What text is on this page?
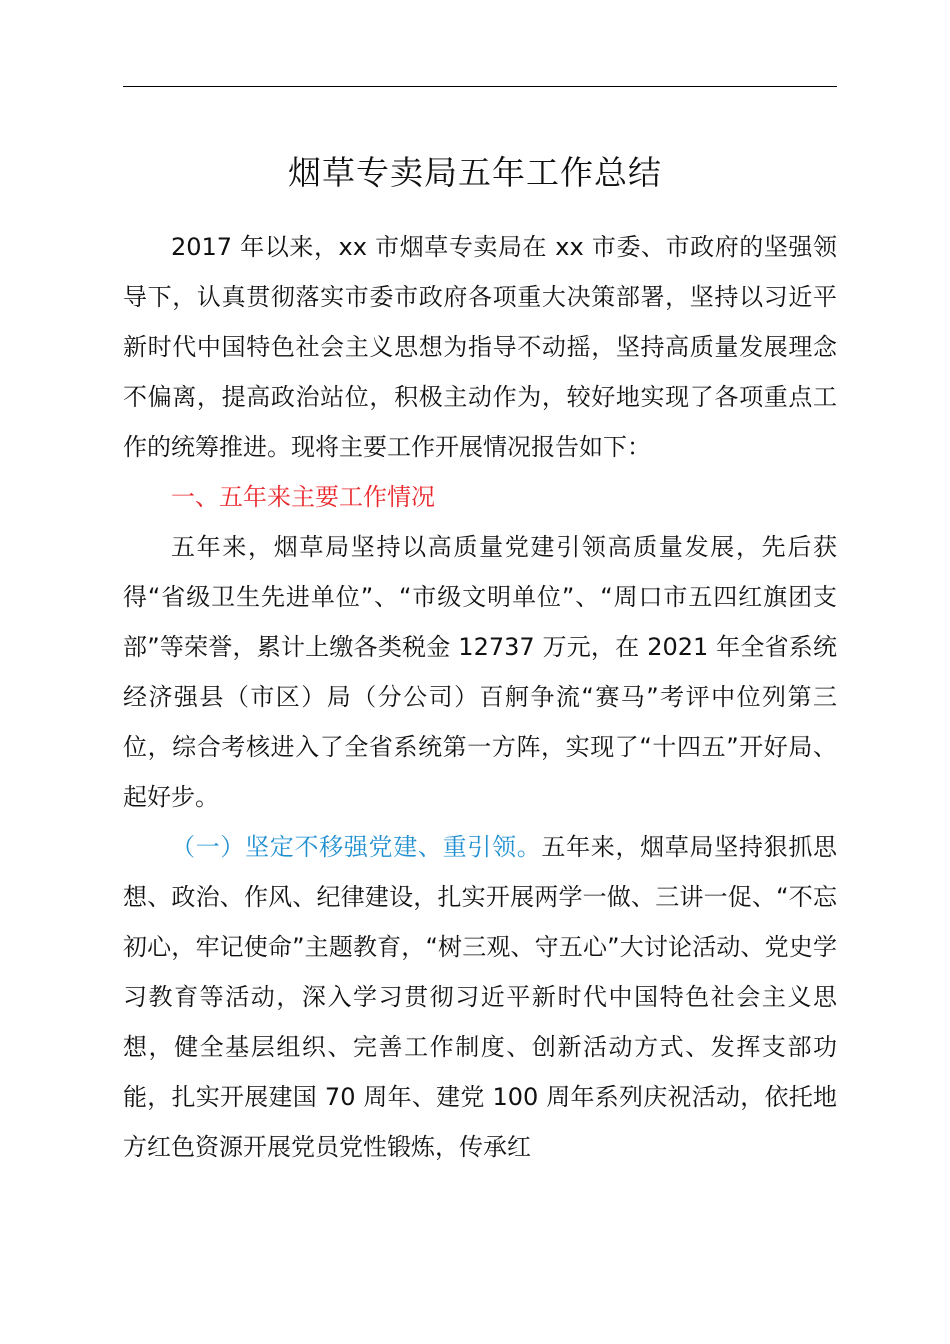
烟草专卖局五年工作总结

2017 年以来，xx 市烟草专卖局在 xx 市委、市政府的坚强领导下，认真贯彻落实市委市政府各项重大决策部署，坚持以习近平新时代中国特色社会主义思想为指导不动摇，坚持高质量发展理念不偏离，提高政治站位，积极主动作为，较好地实现了各项重点工作的统筹推进。现将主要工作开展情况报告如下：

一、五年来主要工作情况

五年来，烟草局坚持以高质量党建引领高质量发展，先后获得“省级卫生先进单位”、“市级文明单位”、“周口市五四红旗团支部”等荣誉，累计上缴各类税金 12737 万元，在 2021 年全省系统经济强县（市区）局（分公司）百舸争流“赛马”考评中位列第三位，综合考核进入了全省系统第一方阵，实现了“十四五”开好局、起好步。

（一）坚定不移强党建、重引领。五年来，烟草局坚持狠抓思想、政治、作风、纪律建设，扎实开展两学一做、三讲一促、“不忘初心，牢记使命”主题教育，“树三观、守五心”大讨论活动、党史学习教育等活动，深入学习贯彻习近平新时代中国特色社会主义思想，健全基层组织、完善工作制度、创新活动方式、发挥支部功能，扎实开展建国 70 周年、建党 100 周年系列庆祝活动，依托地方红色资源开展党员党性锻炼，传承红
